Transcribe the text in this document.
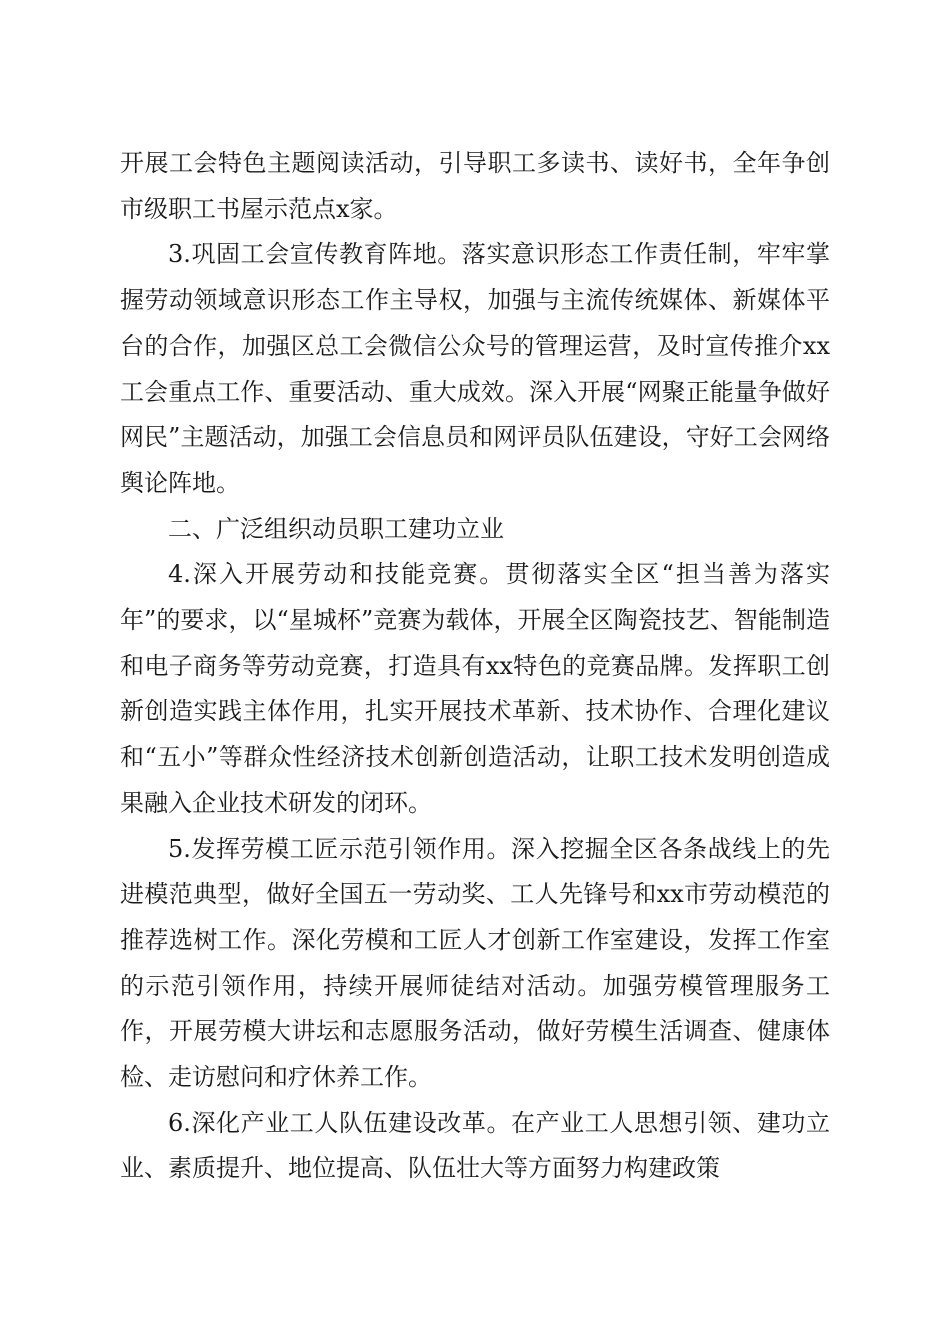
开展工会特色主题阅读活动，引导职工多读书、读好书，全年争创市级职工书屋示范点x家。

3.巩固工会宣传教育阵地。落实意识形态工作责任制，牢牢掌握劳动领域意识形态工作主导权，加强与主流传统媒体、新媒体平台的合作，加强区总工会微信公众号的管理运营，及时宣传推介xx工会重点工作、重要活动、重大成效。深入开展“网聚正能量争做好网民”主题活动，加强工会信息员和网评员队伍建设，守好工会网络舆论阵地。

二、广泛组织动员职工建功立业

4.深入开展劳动和技能竞赛。贯彻落实全区“担当善为落实年”的要求，以“星城杯”竞赛为载体，开展全区陶瓷技艺、智能制造和电子商务等劳动竞赛，打造具有xx特色的竞赛品牌。发挥职工创新创造实践主体作用，扎实开展技术革新、技术协作、合理化建议和“五小”等群众性经济技术创新创造活动，让职工技术发明创造成果融入企业技术研发的闭环。

5.发挥劳模工匠示范引领作用。深入挖掘全区各条战线上的先进模范典型，做好全国五一劳动奖、工人先锋号和xx市劳动模范的推荐选树工作。深化劳模和工匠人才创新工作室建设，发挥工作室的示范引领作用，持续开展师徒结对活动。加强劳模管理服务工作，开展劳模大讲坛和志愿服务活动，做好劳模生活调查、健康体检、走访慰问和疗休养工作。

6.深化产业工人队伍建设改革。在产业工人思想引领、建功立业、素质提升、地位提高、队伍壮大等方面努力构建政策
